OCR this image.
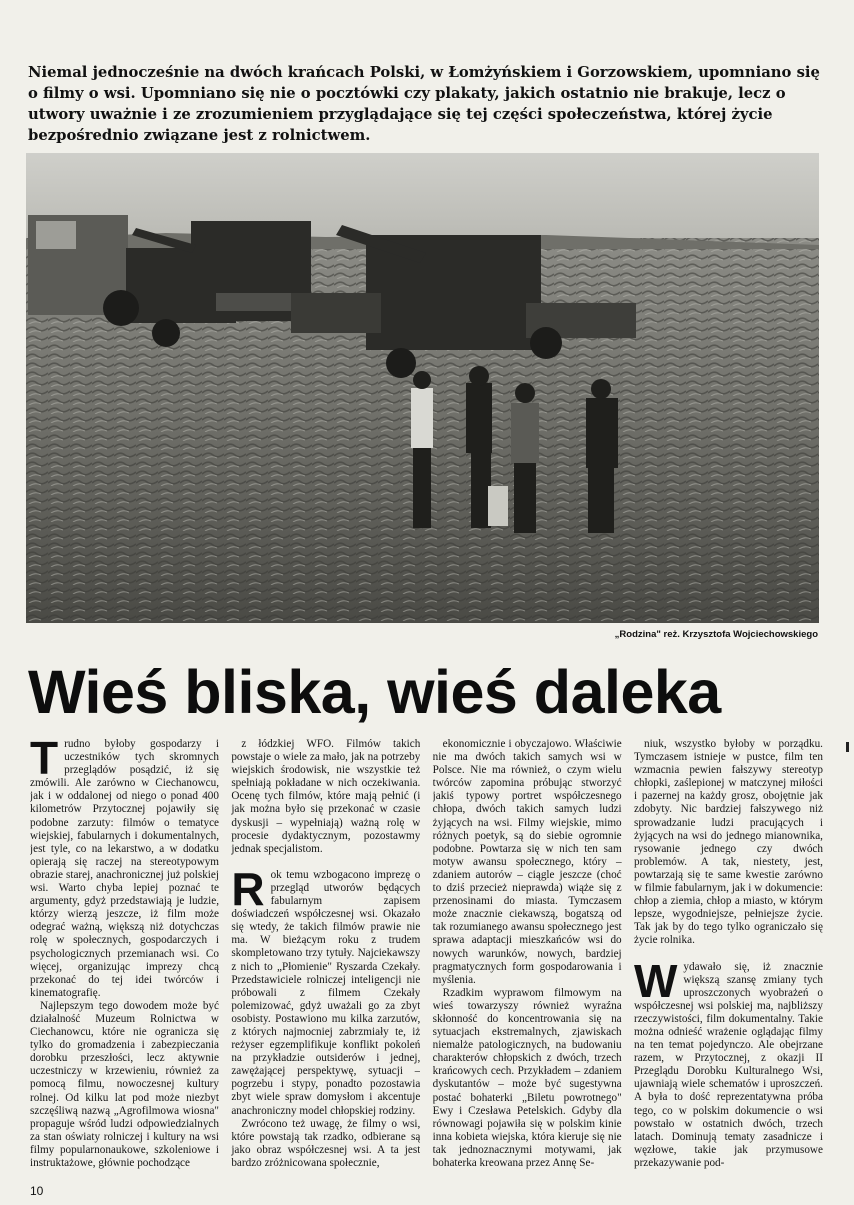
Niemal jednocześnie na dwóch krańcach Polski, w Łomżyńskiem i Gorzowskiem, upomniano się o filmy o wsi. Upomniano się nie o pocztówki czy plakaty, jakich ostatnio nie brakuje, lecz o utwory uważnie i ze zrozumieniem przyglądające się tej części społeczeństwa, której życie bezpośrednio związane jest z rolnictwem.
„Rodzina" reż. Krzysztofa Wojciechowskiego
Wieś bliska, wieś daleka

Trudno byłoby gospodarzy i uczestników tych skromnych przeglądów posądzić, iż się zmówili. Ale zarówno w Ciechanowcu, jak i w oddalonej od niego o ponad 400 kilometrów Przytocznej pojawiły się podobne zarzuty: filmów o tematyce wiejskiej, fabularnych i dokumentalnych, jest tyle, co na lekarstwo, a w dodatku opierają się raczej na stereotypowym obrazie starej, anachronicznej już polskiej wsi. Warto chyba lepiej poznać te argumenty, gdyż przedstawiają je ludzie, którzy wierzą jeszcze, iż film może odegrać ważną, większą niż dotychczas rolę w społecznych, gospodarczych i psychologicznych przemianach wsi. Co więcej, organizując imprezy chcą przekonać do tej idei twórców i kinematografię.

Najlepszym tego dowodem może być działalność Muzeum Rolnictwa w Ciechanowcu, które nie ogranicza się tylko do gromadzenia i zabezpieczania dorobku przeszłości, lecz aktywnie uczestniczy w krzewieniu, również za pomocą filmu, nowoczesnej kultury rolnej. Od kilku lat pod może niezbyt szczęśliwą nazwą „Agrofilmowa wiosna" propaguje wśród ludzi odpowiedzialnych za stan oświaty rolniczej i kultury na wsi filmy popularnonaukowe, szkoleniowe i instruktażowe, głównie pochodzące

z łódzkiej WFO. Filmów takich powstaje o wiele za mało, jak na potrzeby wiejskich środowisk, nie wszystkie też spełniają pokładane w nich oczekiwania. Ocenę tych filmów, które mają pełnić (i jak można było się przekonać w czasie dyskusji – wypełniają) ważną rolę w procesie dydaktycznym, pozostawmy jednak specjalistom.

Rok temu wzbogacono imprezę o przegląd utworów będących fabularnym zapisem doświadczeń współczesnej wsi. Okazało się wtedy, że takich filmów prawie nie ma. W bieżącym roku z trudem skompletowano trzy tytuły. Najciekawszy z nich to „Płomienie" Ryszarda Czekały. Przedstawiciele rolniczej inteligencji nie próbowali z filmem Czekały polemizować, gdyż uważali go za zbyt osobisty. Postawiono mu kilka zarzutów, z których najmocniej zabrzmiały te, iż reżyser egzemplifikuje konflikt pokoleń na przykładzie outsiderów i jednej, zawężającej perspektywę, sytuacji – pogrzebu i stypy, ponadto pozostawia zbyt wiele spraw domysłom i akcentuje anachroniczny model chłopskiej rodziny.

Zwrócono też uwagę, że filmy o wsi, które powstają tak rzadko, odbierane są jako obraz współczesnej wsi. A ta jest bardzo zróżnicowana społecznie,

ekonomicznie i obyczajowo. Właściwie nie ma dwóch takich samych wsi w Polsce. Nie ma również, o czym wielu twórców zapomina próbując stworzyć jakiś typowy portret współczesnego chłopa, dwóch takich samych ludzi żyjących na wsi. Filmy wiejskie, mimo różnych poetyk, są do siebie ogromnie podobne. Powtarza się w nich ten sam motyw awansu społecznego, który – zdaniem autorów – ciągle jeszcze (choć to dziś przecież nieprawda) wiąże się z przenosinami do miasta. Tymczasem może znacznie ciekawszą, bogatszą od tak rozumianego awansu społecznego jest sprawa adaptacji mieszkańców wsi do nowych warunków, nowych, bardziej pragmatycznych form gospodarowania i myślenia.

Rzadkim wyprawom filmowym na wieś towarzyszy również wyraźna skłonność do koncentrowania się na sytuacjach ekstremalnych, zjawiskach niemalże patologicznych, na budowaniu charakterów chłopskich z dwóch, trzech krańcowych cech. Przykładem – zdaniem dyskutantów – może być sugestywna postać bohaterki „Biletu powrotnego" Ewy i Czesława Petelskich. Gdyby dla równowagi pojawiła się w polskim kinie inna kobieta wiejska, która kieruje się nie tak jednoznacznymi motywami, jak bohaterka kreowana przez Annę Se-

niuk, wszystko byłoby w porządku. Tymczasem istnieje w pustce, film ten wzmacnia pewien fałszywy stereotyp chłopki, zaślepionej w matczynej miłości i pazernej na każdy grosz, obojętnie jak zdobyty. Nic bardziej fałszywego niż sprowadzanie ludzi pracujących i żyjących na wsi do jednego mianownika, rysowanie jednego czy dwóch problemów. A tak, niestety, jest, powtarzają się te same kwestie zarówno w filmie fabularnym, jak i w dokumencie: chłop a ziemia, chłop a miasto, w którym lepsze, wygodniejsze, pełniejsze życie. Tak jak by do tego tylko ograniczało się życie rolnika.

Wydawało się, iż znacznie większą szansę zmiany tych uproszczonych wyobrażeń o współczesnej wsi polskiej ma, najbliższy rzeczywistości, film dokumentalny. Takie można odnieść wrażenie oglądając filmy na ten temat pojedynczo. Ale obejrzane razem, w Przytocznej, z okazji II Przeglądu Dorobku Kulturalnego Wsi, ujawniają wiele schematów i uproszczeń. A była to dość reprezentatywna próba tego, co w polskim dokumencie o wsi powstało w ostatnich dwóch, trzech latach. Dominują tematy zasadnicze i węzłowe, takie jak przymusowe przekazywanie pod-

10
